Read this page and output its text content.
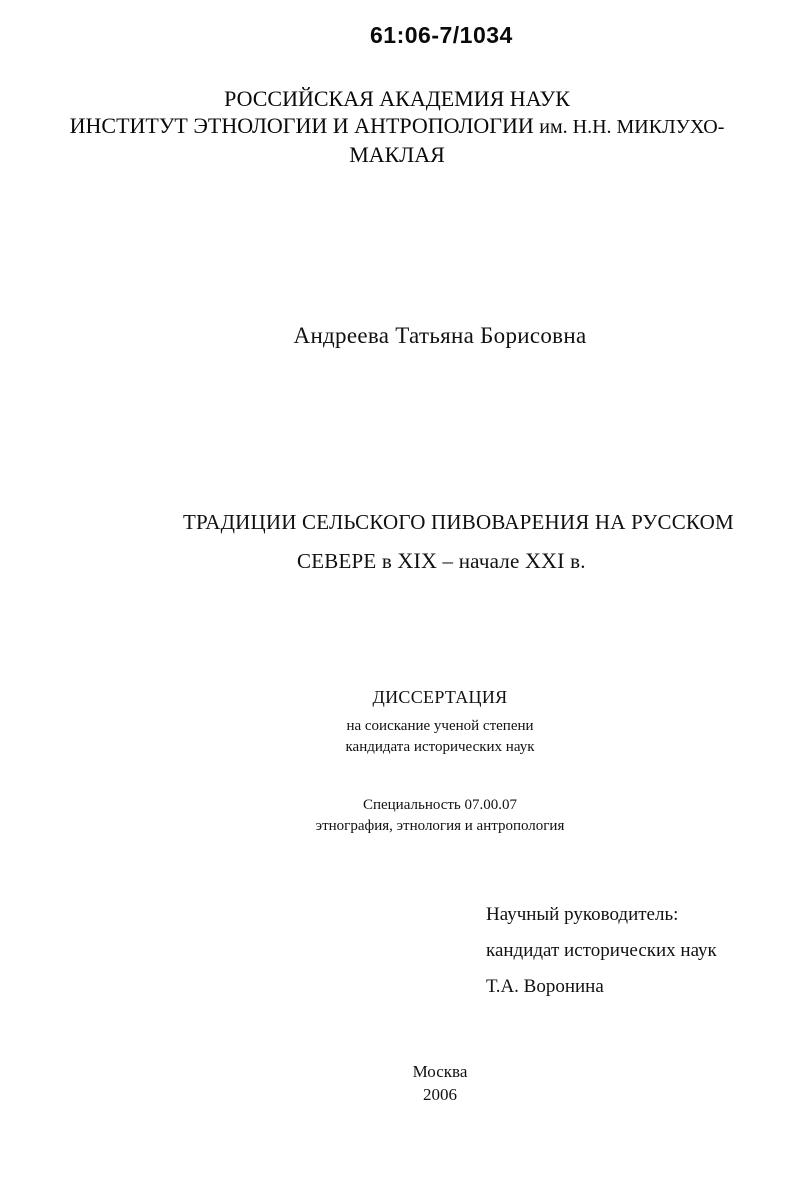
61:06-7/1034
РОССИЙСКАЯ АКАДЕМИЯ НАУК
ИНСТИТУТ ЭТНОЛОГИИ И АНТРОПОЛОГИИ им. Н.Н. МИКЛУХО-
МАКЛАЯ
Андреева Татьяна Борисовна
ТРАДИЦИИ СЕЛЬСКОГО ПИВОВАРЕНИЯ НА РУССКОМ
СЕВЕРЕ в XIX – начале XXI в.
ДИССЕРТАЦИЯ
на соискание ученой степени
кандидата исторических наук
Специальность 07.00.07
этнография, этнология и антропология
Научный руководитель:
кандидат исторических наук
Т.А. Воронина
Москва
2006
